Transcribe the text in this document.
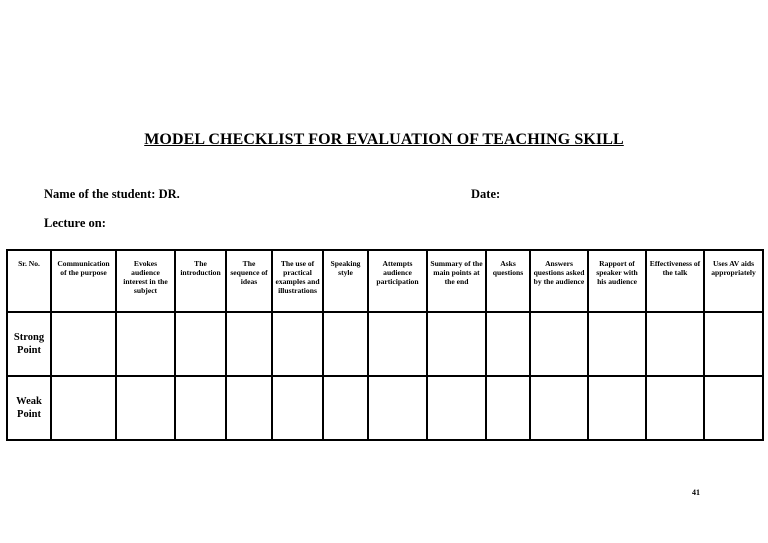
MODEL CHECKLIST FOR EVALUATION OF TEACHING SKILL
Name of the student: DR.	Date:
Lecture on:
Sr. No.	Communication of the purpose	Evokes audience interest in the subject	The introduction	The sequence of ideas	The use of practical examples and illustrations	Speaking style	Attempts audience participation	Summary of the main points at the end	Asks questions	Answers questions asked by the audience	Rapport of speaker with his audience	Effectiveness of the talk	Uses AV aids appropriately
Strong Point													
Weak Point													
41
